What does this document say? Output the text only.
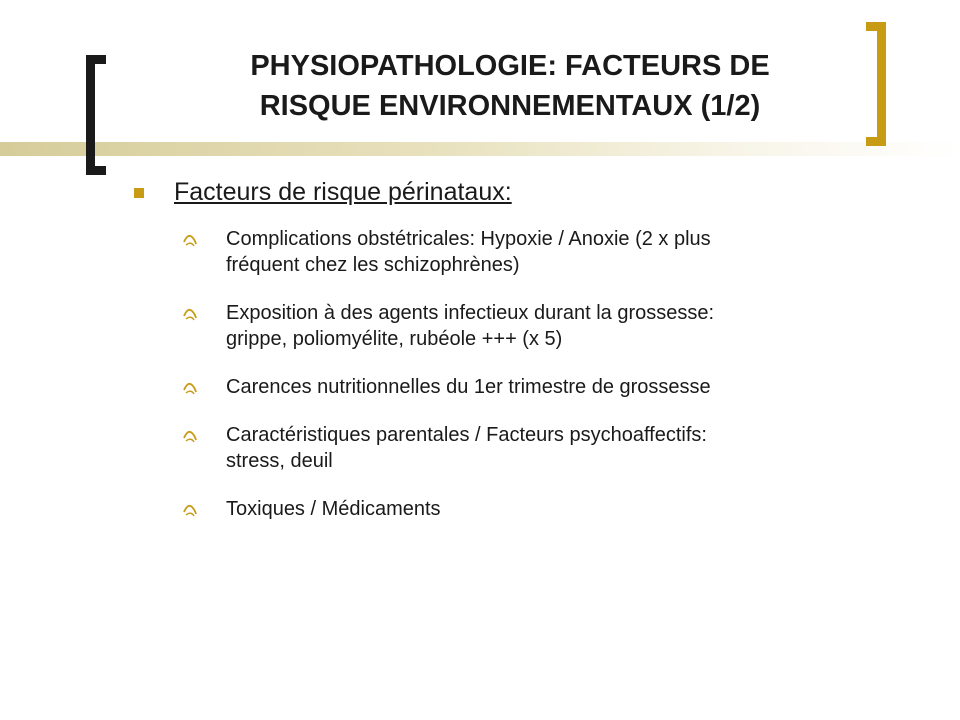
PHYSIOPATHOLOGIE: FACTEURS DE
RISQUE ENVIRONNEMENTAUX (1/2)
Facteurs de risque périnataux:
Complications obstétricales: Hypoxie / Anoxie (2 x plus
fréquent chez les schizophrènes)
Exposition à des agents infectieux durant la grossesse:
grippe, poliomyélite, rubéole +++ (x 5)
Carences nutritionnelles du 1er trimestre de grossesse
Caractéristiques parentales / Facteurs psychoaffectifs:
stress, deuil
Toxiques / Médicaments
